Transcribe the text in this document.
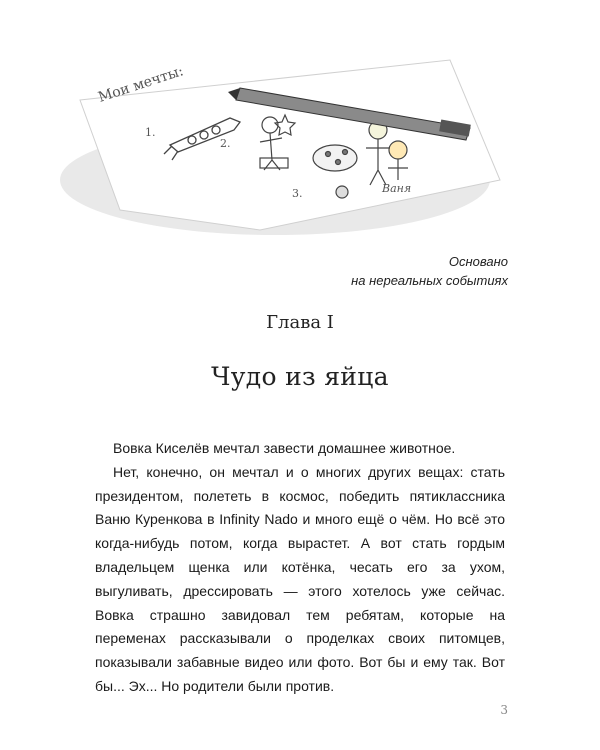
Мои мечты:
1.
2.
3.	Ваня
Основано
на нереальных событиях
Глава I
Чудо из яйца

Вовка Киселёв мечтал завести домашнее животное.

Нет, конечно, он мечтал и о многих других вещах: стать президентом, полететь в космос, победить пятиклассника Ваню Куренкова в Infinity Nado и много ещё о чём. Но всё это когда-нибудь потом, когда вырастет. А вот стать гордым владельцем щенка или котёнка, чесать его за ухом, выгуливать, дрессировать — этого хотелось уже сейчас. Вовка страшно завидовал тем ребятам, которые на переменах рассказывали о проделках своих питомцев, показывали забавные видео или фото. Вот бы и ему так. Вот бы... Эх... Но родители были против.

3
